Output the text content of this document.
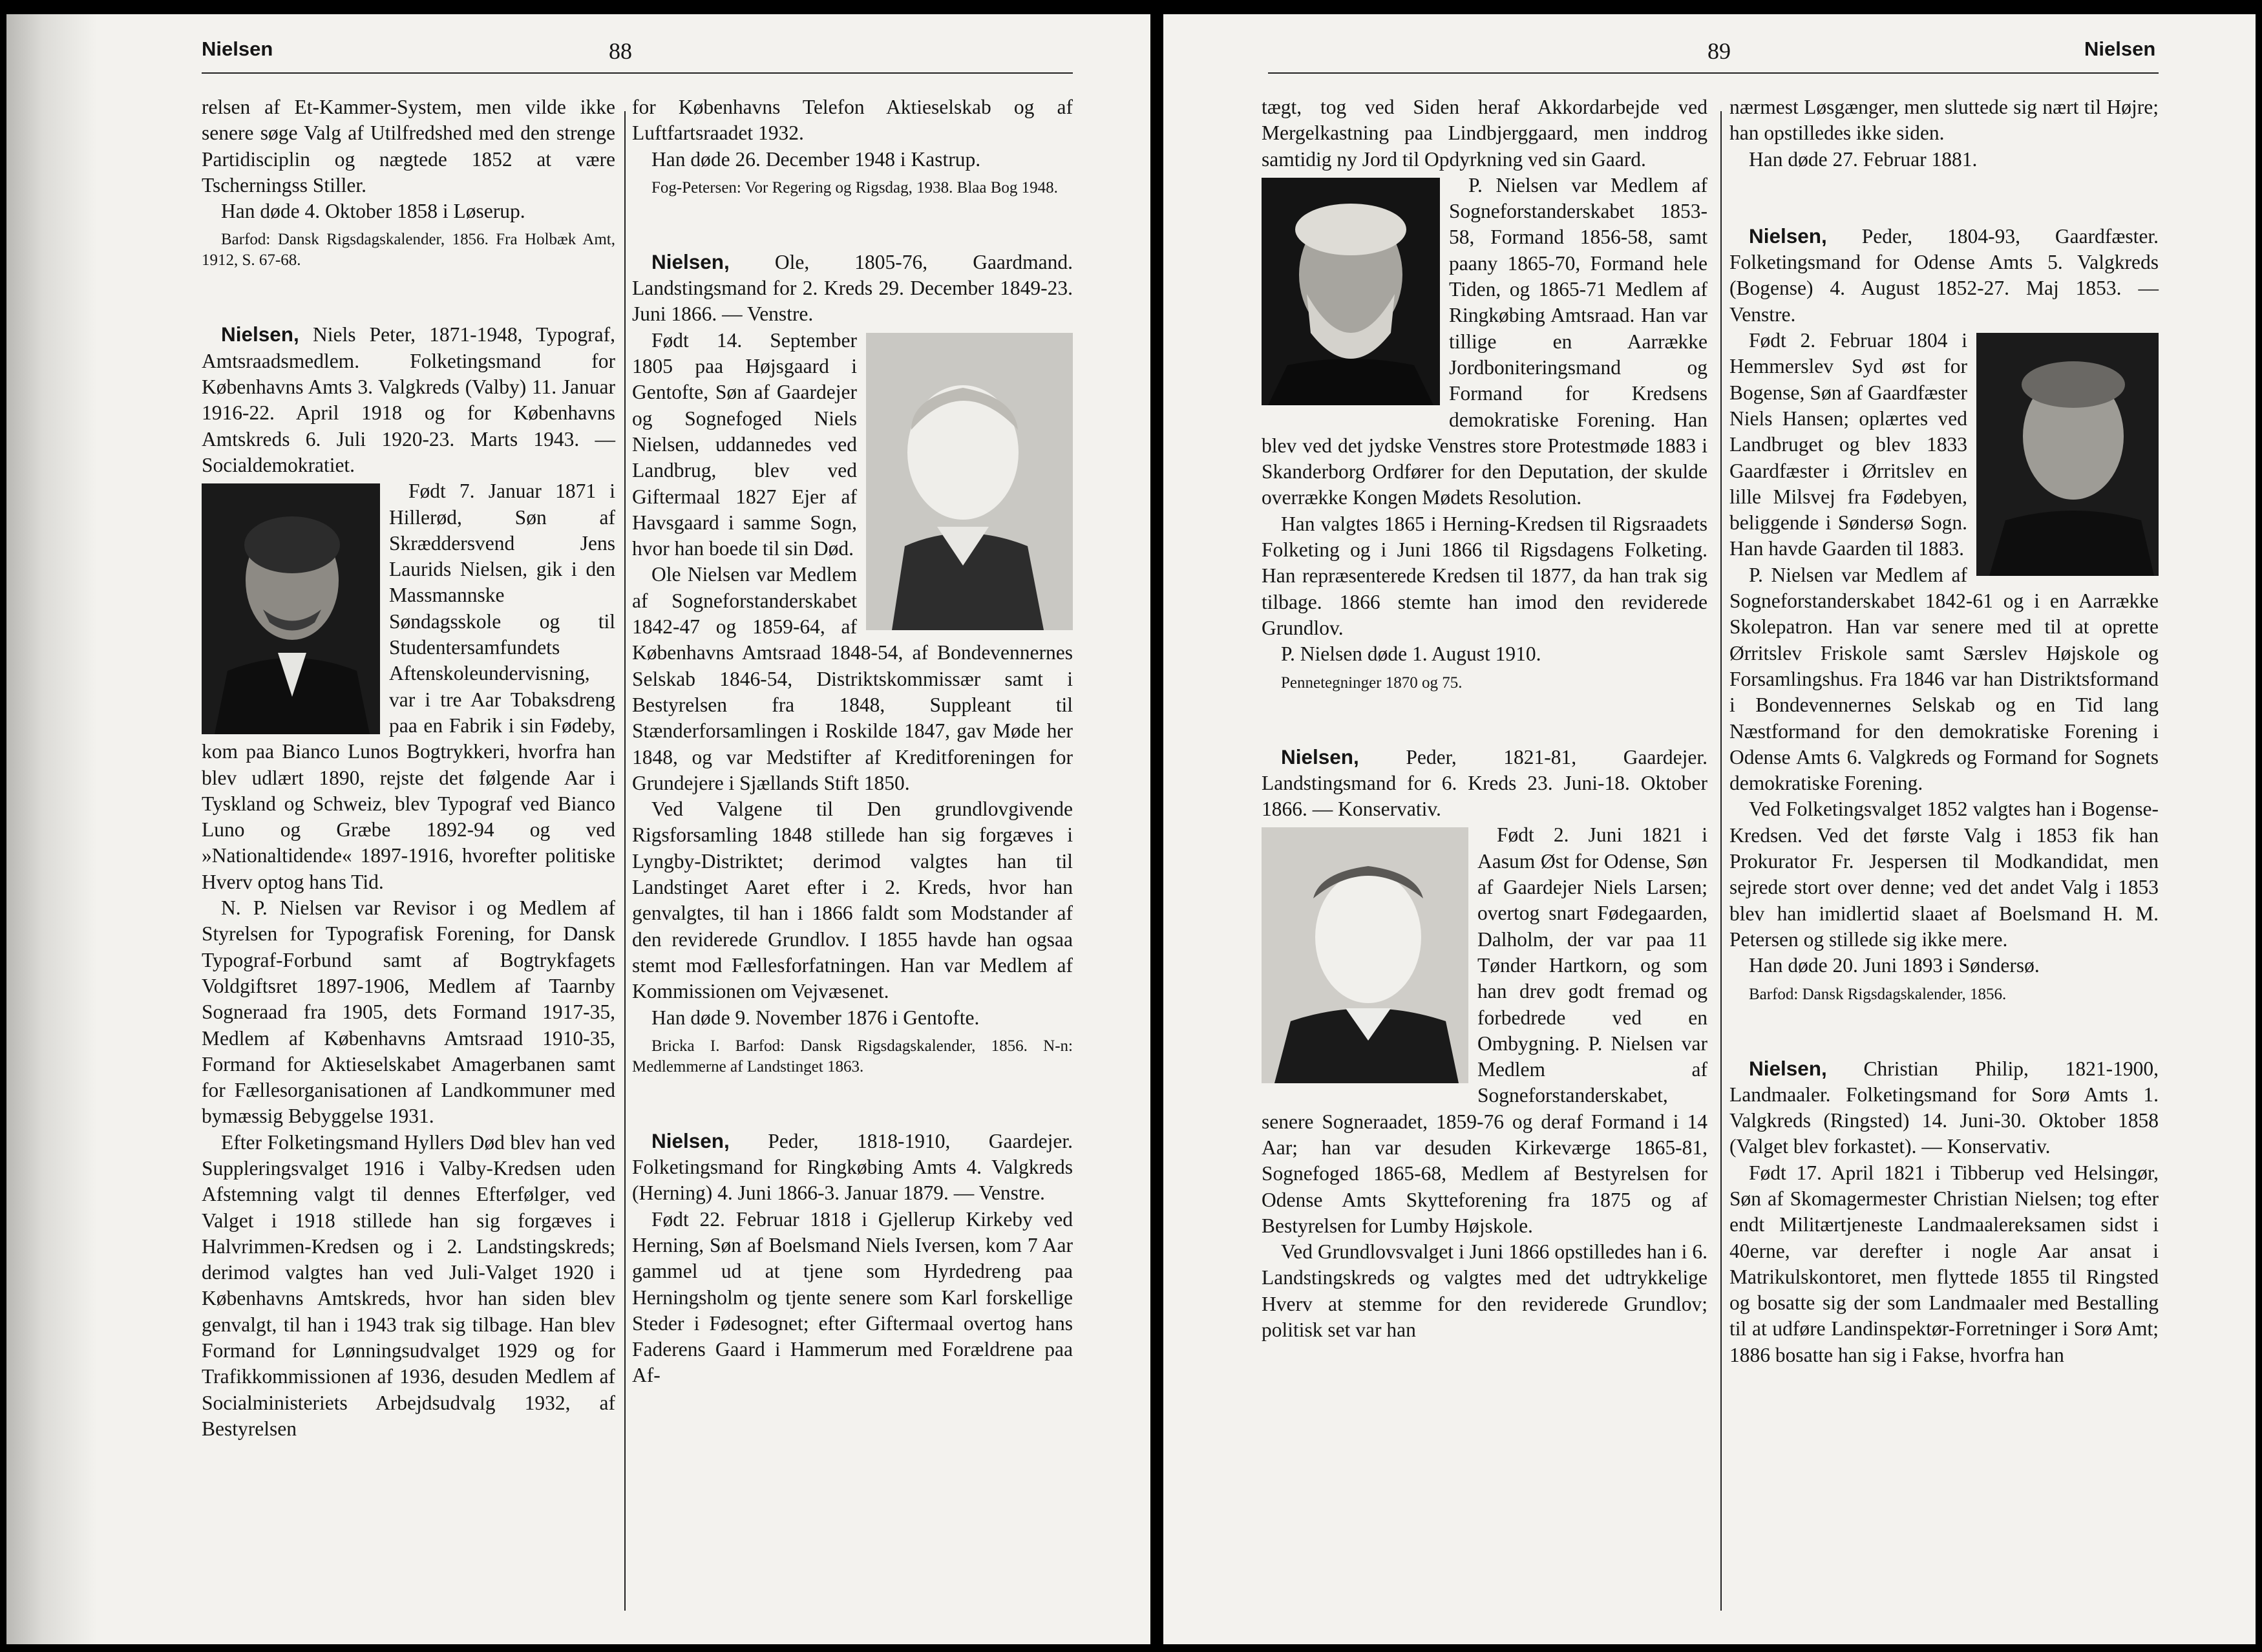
Nielsen	88

relsen af Et-Kammer-System, men vilde ikke senere søge Valg af Utilfredshed med den strenge Partidisciplin og nægtede 1852 at være Tscherningss Stiller.

Han døde 4. Oktober 1858 i Løserup.

Barfod: Dansk Rigsdagskalender, 1856. Fra Holbæk Amt, 1912, S. 67-68.

Nielsen, Niels Peter, 1871-1948, Typograf, Amtsraadsmedlem. Folketingsmand for Københavns Amts 3. Valgkreds (Valby) 11. Januar 1916-22. April 1918 og for Københavns Amtskreds 6. Juli 1920-23. Marts 1943. — Socialdemokratiet.

Født 7. Januar 1871 i Hillerød, Søn af Skræddersvend Jens Laurids Nielsen, gik i den Massmannske Søndagsskole og til Studentersamfundets Aftenskoleundervisning, var i tre Aar Tobaksdreng paa en Fabrik i sin Fødeby, kom paa Bianco Lunos Bogtrykkeri, hvorfra han blev udlært 1890, rejste det følgende Aar i Tyskland og Schweiz, blev Typograf ved Bianco Luno og Græbe 1892-94 og ved »Nationaltidende« 1897-1916, hvorefter politiske Hverv optog hans Tid.

N. P. Nielsen var Revisor i og Medlem af Styrelsen for Typografisk Forening, for Dansk Typograf-Forbund samt af Bogtrykfagets Voldgiftsret 1897-1906, Medlem af Taarnby Sogneraad fra 1905, dets Formand 1917-35, Medlem af Københavns Amtsraad 1910-35, Formand for Aktieselskabet Amagerbanen samt for Fællesorganisationen af Landkommuner med bymæssig Bebyggelse 1931.

Efter Folketingsmand Hyllers Død blev han ved Suppleringsvalget 1916 i Valby-Kredsen uden Afstemning valgt til dennes Efterfølger, ved Valget i 1918 stillede han sig forgæves i Halvrimmen-Kredsen og i 2. Landstingskreds; derimod valgtes han ved Juli-Valget 1920 i Københavns Amtskreds, hvor han siden blev genvalgt, til han i 1943 trak sig tilbage. Han blev Formand for Lønningsudvalget 1929 og for Trafikkommissionen af 1936, desuden Medlem af Socialministeriets Arbejdsudvalg 1932, af Bestyrelsen

for Københavns Telefon Aktieselskab og af Luftfartsraadet 1932.

Han døde 26. December 1948 i Kastrup.

Fog-Petersen: Vor Regering og Rigsdag, 1938. Blaa Bog 1948.

Nielsen, Ole, 1805-76, Gaardmand. Landstingsmand for 2. Kreds 29. December 1849-23. Juni 1866. — Venstre.

Født 14. September 1805 paa Højsgaard i Gentofte, Søn af Gaardejer og Sognefoged Niels Nielsen, uddannedes ved Landbrug, blev ved Giftermaal 1827 Ejer af Havsgaard i samme Sogn, hvor han boede til sin Død.

Ole Nielsen var Medlem af Sogneforstanderskabet 1842-47 og 1859-64, af Københavns Amtsraad 1848-54, af Bondevennernes Selskab 1846-54, Distriktskommissær samt i Bestyrelsen fra 1848, Suppleant til Stænderforsamlingen i Roskilde 1847, gav Møde her 1848, og var Medstifter af Kreditforeningen for Grundejere i Sjællands Stift 1850.

Ved Valgene til Den grundlovgivende Rigsforsamling 1848 stillede han sig forgæves i Lyngby-Distriktet; derimod valgtes han til Landstinget Aaret efter i 2. Kreds, hvor han genvalgtes, til han i 1866 faldt som Modstander af den reviderede Grundlov. I 1855 havde han ogsaa stemt mod Fællesforfatningen. Han var Medlem af Kommissionen om Vejvæsenet.

Han døde 9. November 1876 i Gentofte.

Bricka I. Barfod: Dansk Rigsdagskalender, 1856. N-n: Medlemmerne af Landstinget 1863.

Nielsen, Peder, 1818-1910, Gaardejer. Folketingsmand for Ringkøbing Amts 4. Valgkreds (Herning) 4. Juni 1866-3. Januar 1879. — Venstre.

Født 22. Februar 1818 i Gjellerup Kirkeby ved Herning, Søn af Boelsmand Niels Iversen, kom 7 Aar gammel ud at tjene som Hyrdedreng paa Herningsholm og tjente senere som Karl forskellige Steder i Fødesognet; efter Giftermaal overtog hans Faderens Gaard i Hammerum med Forældrene paa Af-

89	Nielsen

tægt, tog ved Siden heraf Akkordarbejde ved Mergelkastning paa Lindbjerggaard, men inddrog samtidig ny Jord til Opdyrkning ved sin Gaard.

P. Nielsen var Medlem af Sogneforstanderskabet 1853-58, Formand 1856-58, samt paany 1865-70, Formand hele Tiden, og 1865-71 Medlem af Ringkøbing Amtsraad. Han var tillige en Aarrække Jordboniteringsmand og Formand for Kredsens demokratiske Forening. Han blev ved det jydske Venstres store Protestmøde 1883 i Skanderborg Ordfører for den Deputation, der skulde overrække Kongen Mødets Resolution.

Han valgtes 1865 i Herning-Kredsen til Rigsraadets Folketing og i Juni 1866 til Rigsdagens Folketing. Han repræsenterede Kredsen til 1877, da han trak sig tilbage. 1866 stemte han imod den reviderede Grundlov.

P. Nielsen døde 1. August 1910.

Pennetegninger 1870 og 75.

Nielsen, Peder, 1821-81, Gaardejer. Landstingsmand for 6. Kreds 23. Juni-18. Oktober 1866. — Konservativ.

Født 2. Juni 1821 i Aasum Øst for Odense, Søn af Gaardejer Niels Larsen; overtog snart Fødegaarden, Dalholm, der var paa 11 Tønder Hartkorn, og som han drev godt fremad og forbedrede ved en Ombygning. P. Nielsen var Medlem af Sogneforstanderskabet, senere Sogneraadet, 1859-76 og deraf Formand i 14 Aar; han var desuden Kirkeværge 1865-81, Sognefoged 1865-68, Medlem af Bestyrelsen for Odense Amts Skytteforening fra 1875 og af Bestyrelsen for Lumby Højskole.

Ved Grundlovsvalget i Juni 1866 opstilledes han i 6. Landstingskreds og valgtes med det udtrykkelige Hverv at stemme for den reviderede Grundlov; politisk set var han

nærmest Løsgænger, men sluttede sig nært til Højre; han opstilledes ikke siden.

Han døde 27. Februar 1881.

Nielsen, Peder, 1804-93, Gaardfæster. Folketingsmand for Odense Amts 5. Valgkreds (Bogense) 4. August 1852-27. Maj 1853. — Venstre.

Født 2. Februar 1804 i Hemmerslev Syd øst for Bogense, Søn af Gaardfæster Niels Hansen; oplærtes ved Landbruget og blev 1833 Gaardfæster i Ørritslev en lille Milsvej fra Fødebyen, beliggende i Søndersø Sogn. Han havde Gaarden til 1883.

P. Nielsen var Medlem af Sogneforstanderskabet 1842-61 og i en Aarrække Skolepatron. Han var senere med til at oprette Ørritslev Friskole samt Særslev Højskole og Forsamlingshus. Fra 1846 var han Distriktsformand i Bondevennernes Selskab og en Tid lang Næstformand for den demokratiske Forening i Odense Amts 6. Valgkreds og Formand for Sognets demokratiske Forening.

Ved Folketingsvalget 1852 valgtes han i Bogense-Kredsen. Ved det første Valg i 1853 fik han Prokurator Fr. Jespersen til Modkandidat, men sejrede stort over denne; ved det andet Valg i 1853 blev han imidlertid slaaet af Boelsmand H. M. Petersen og stillede sig ikke mere.

Han døde 20. Juni 1893 i Søndersø.

Barfod: Dansk Rigsdagskalender, 1856.

Nielsen, Christian Philip, 1821-1900, Landmaaler. Folketingsmand for Sorø Amts 1. Valgkreds (Ringsted) 14. Juni-30. Oktober 1858 (Valget blev forkastet). — Konservativ.

Født 17. April 1821 i Tibberup ved Helsingør, Søn af Skomagermester Christian Nielsen; tog efter endt Militærtjeneste Landmaalereksamen sidst i 40erne, var derefter i nogle Aar ansat i Matrikulskontoret, men flyttede 1855 til Ringsted og bosatte sig der som Landmaaler med Bestalling til at udføre Landinspektør-Forretninger i Sorø Amt; 1886 bosatte han sig i Fakse, hvorfra han
